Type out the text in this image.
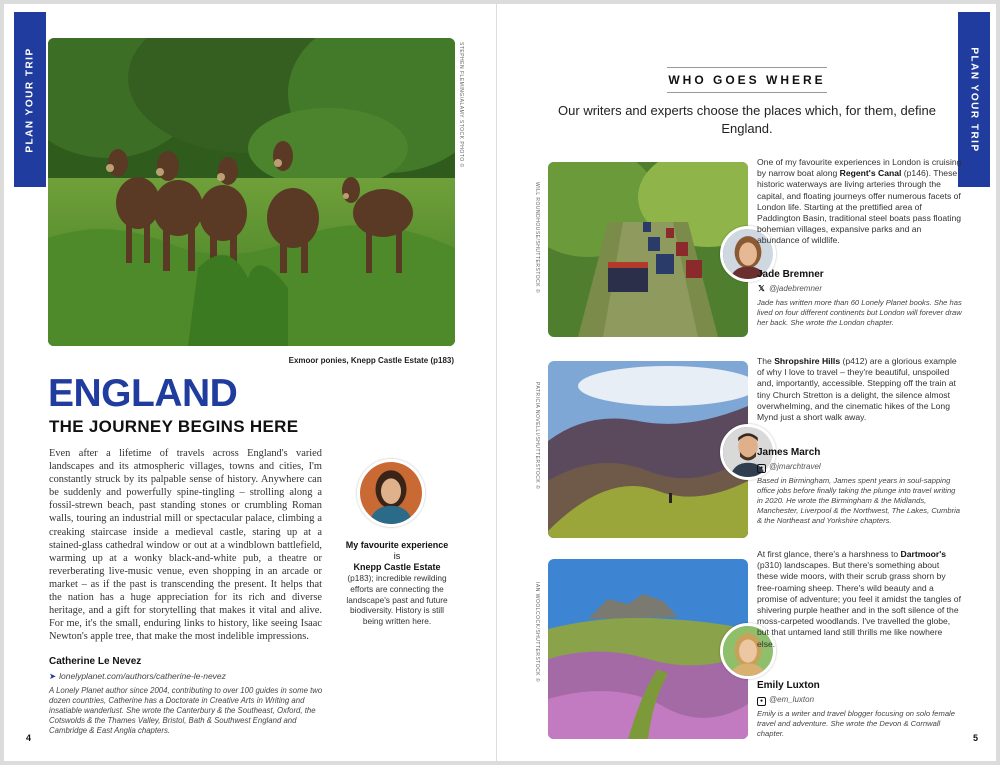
PLAN YOUR TRIP	STEPHEN FLEMING/ALAMY STOCK PHOTO ©
Exmoor ponies, Knepp Castle Estate (p183)
ENGLAND
THE JOURNEY BEGINS HERE

Even after a lifetime of travels across England's varied landscapes and its atmospheric villages, towns and cities, I'm constantly struck by its palpable sense of history. Anywhere can be suddenly and powerfully spine-tingling – strolling along a fossil-strewn beach, past standing stones or crumbling Roman walls, touring an industrial mill or spectacular palace, climbing a creaking staircase inside a medieval castle, staring up at a stained-glass cathedral window or out at a windblown battlefield, warming up at a wonky black-and-white pub, a theatre or reverberating live-music venue, even shopping in an arcade or market – as if the past is transcending the present. It helps that the nation has a huge appreciation for its rich and diverse heritage, and a gift for storytelling that makes it vital and alive. For me, it's the small, enduring links to history, like seeing Isaac Newton's apple tree, that make the most indelible impressions.

Catherine Le Nevez
➤ lonelyplanet.com/authors/catherine-le-nevez

A Lonely Planet author since 2004, contributing to over 100 guides in some two dozen countries, Catherine has a Doctorate in Creative Arts in Writing and insatiable wanderlust. She wrote the Canterbury & the Southeast, Oxford, the Cotswolds & the Thames Valley, Bristol, Bath & Southwest England and Cambridge & East Anglia chapters.

My favourite experience is
Knepp Castle Estate
(p183); incredible rewilding efforts are connecting the landscape's past and future biodiversity. History is still being written here.
4
PLAN YOUR TRIP
WHO GOES WHERE
Our writers and experts choose the places which, for them, define England.
WILL ROUNDHOUSE/SHUTTERSTOCK ©

One of my favourite experiences in London is cruising by narrow boat along Regent's Canal (p146). These historic waterways are living arteries through the capital, and floating journeys offer numerous facets of London life. Starting at the prettified area of Paddington Basin, traditional steel boats pass floating bohemian villages, expansive parks and an abundance of wildlife.

Jade Bremner
𝕏 @jadebremner

Jade has written more than 60 Lonely Planet books. She has lived on four different continents but London will forever draw her back. She wrote the London chapter.

PATRICIA NOVELLI/SHUTTERSTOCK ©

The Shropshire Hills (p412) are a glorious example of why I love to travel – they're beautiful, unspoiled and, importantly, accessible. Stepping off the train at tiny Church Stretton is a delight, the silence almost overwhelming, and the cinematic hikes of the Long Mynd just a short walk away.

James March
● @jmarchtravel

Based in Birmingham, James spent years in soul-sapping office jobs before finally taking the plunge into travel writing in 2020. He wrote the Birmingham & the Midlands, Manchester, Liverpool & the Northwest, The Lakes, Cumbria & the Northeast and Yorkshire chapters.

IAN WOOLCOCK/SHUTTERSTOCK ©

At first glance, there's a harshness to Dartmoor's (p310) landscapes. But there's something about these wide moors, with their scrub grass shorn by free-roaming sheep. There's wild beauty and a promise of adventure; you feel it amidst the tangles of shivering purple heather and in the soft silence of the moss-carpeted woodlands. I've travelled the globe, but that untamed land still thrills me like nowhere else.

Emily Luxton
● @em_luxton

Emily is a writer and travel blogger focusing on solo female travel and adventure. She wrote the Devon & Cornwall chapter.	5
